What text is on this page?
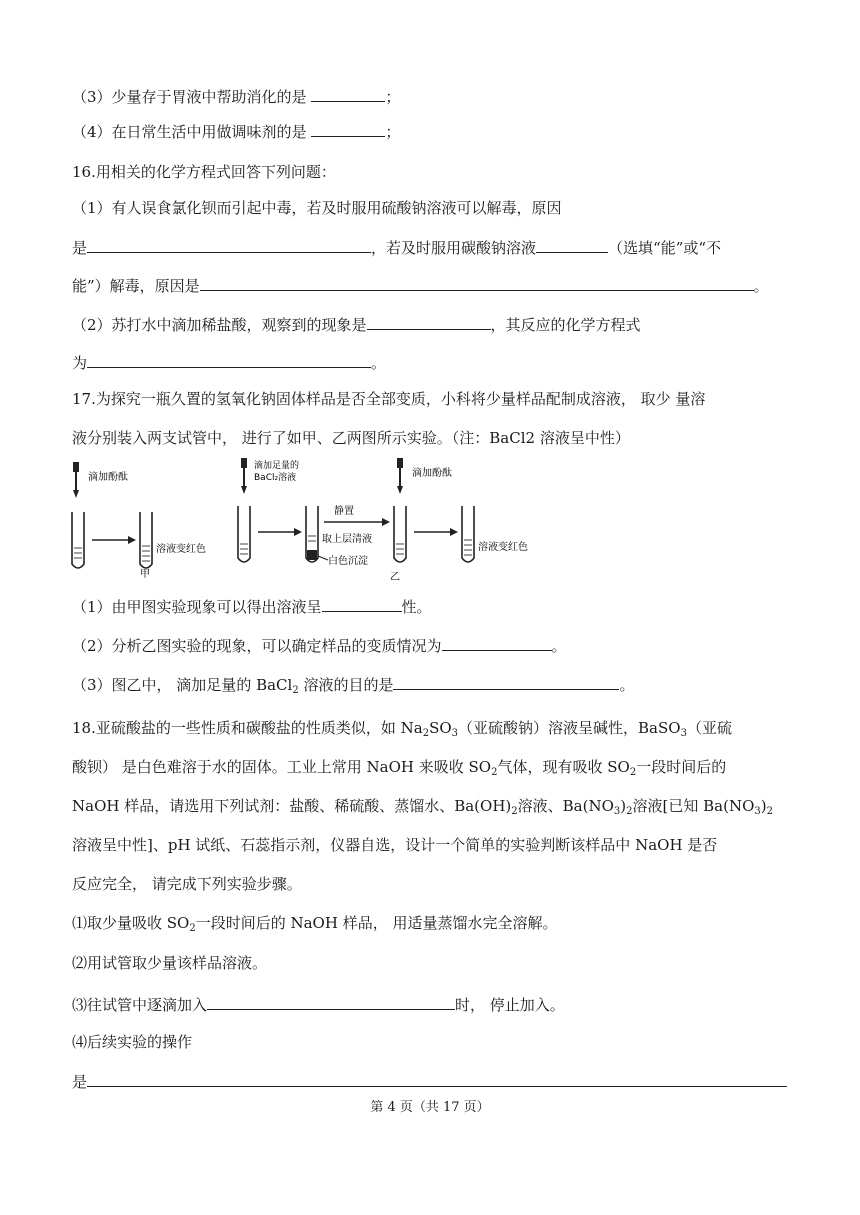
（3）少量存于胃液中帮助消化的是	；
（4）在日常生活中用做调味剂的是	；
16.用相关的化学方程式回答下列问题：
（1）有人误食氯化钡而引起中毒，若及时服用硫酸钠溶液可以解毒，原因
是	，若及时服用碳酸钠溶液	（选填“能”或“不
能”）解毒，原因是	。
（2）苏打水中滴加稀盐酸，观察到的现象是	，其反应的化学方程式
为	。
17.为探究一瓶久置的氢氧化钠固体样品是否全部变质，小科将少量样品配制成溶液， 取少 量溶
液分别装入两支试管中， 进行了如甲、乙两图所示实验。（注：BaCl2 溶液呈中性）
滴加酚酞
溶液变红色
甲
滴加足量的
BaCl₂溶液
静置
取上层清液
白色沉淀
滴加酚酞
乙
溶液变红色
（1）由甲图实验现象可以得出溶液呈	性。
（2）分析乙图实验的现象，可以确定样品的变质情况为	。
（3）图乙中， 滴加足量的 BaCl$_2$ 溶液的目的是	。
18.亚硫酸盐的一些性质和碳酸盐的性质类似，如 $Na_2SO_3$（亚硫酸钠）溶液呈碱性，BaSO$_3$（亚硫
酸钡） 是白色难溶于水的固体。工业上常用 NaOH 来吸收 $SO_2$气体，现有吸收 $SO_2$一段时间后的
NaOH 样品，请选用下列试剂：盐酸、稀硫酸、蒸馏水、$Ba(OH)_2$溶液、$Ba(NO_3)_2$溶液[已知 $Ba(NO_3)_2$
溶液呈中性]、pH 试纸、石蕊指示剂，仪器自选，设计一个简单的实验判断该样品中 NaOH 是否
反应完全， 请完成下列实验步骤。
⑴取少量吸收 $SO_2$一段时间后的 NaOH 样品， 用适量蒸馏水完全溶解。
⑵用试管取少量该样品溶液。
⑶往试管中逐滴加入	时， 停止加入。
⑷后续实验的操作
是
第 4 页（共 17 页）
